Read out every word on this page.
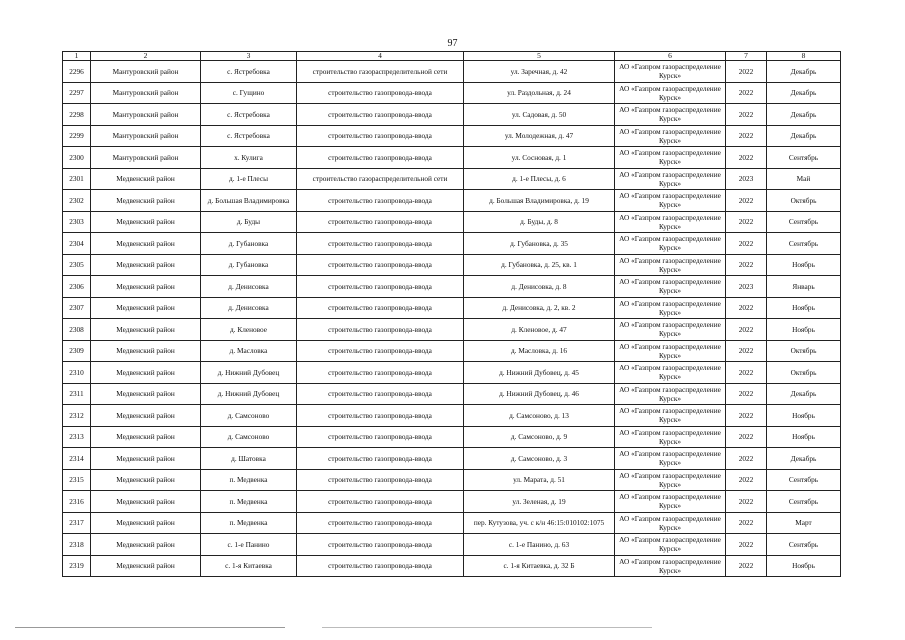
97
1	2	3	4	5	6	7	8
2296	Мантуровский район	с. Ястребовка	строительство газораспределительной сети	ул. Заречная, д. 42	АО «Газпром газораспределение Курск»	2022	Декабрь
2297	Мантуровский район	с. Гущино	строительство газопровода-ввода	ул. Раздольная, д. 24	АО «Газпром газораспределение Курск»	2022	Декабрь
2298	Мантуровский район	с. Ястребовка	строительство газопровода-ввода	ул. Садовая, д. 50	АО «Газпром газораспределение Курск»	2022	Декабрь
2299	Мантуровский район	с. Ястребовка	строительство газопровода-ввода	ул. Молодежная, д. 47	АО «Газпром газораспределение Курск»	2022	Декабрь
2300	Мантуровский район	х. Кулига	строительство газопровода-ввода	ул. Сосновая, д. 1	АО «Газпром газораспределение Курск»	2022	Сентябрь
2301	Медвенский район	д. 1-е Плесы	строительство газораспределительной сети	д. 1-е Плесы, д. 6	АО «Газпром газораспределение Курск»	2023	Май
2302	Медвенский район	д. Большая Владимировка	строительство газопровода-ввода	д. Большая Владимировка, д. 19	АО «Газпром газораспределение Курск»	2022	Октябрь
2303	Медвенский район	д. Буды	строительство газопровода-ввода	д. Буды, д. 8	АО «Газпром газораспределение Курск»	2022	Сентябрь
2304	Медвенский район	д. Губановка	строительство газопровода-ввода	д. Губановка, д. 35	АО «Газпром газораспределение Курск»	2022	Сентябрь
2305	Медвенский район	д. Губановка	строительство газопровода-ввода	д. Губановка, д. 25, кв. 1	АО «Газпром газораспределение Курск»	2022	Ноябрь
2306	Медвенский район	д. Денисовка	строительство газопровода-ввода	д. Денисовка, д. 8	АО «Газпром газораспределение Курск»	2023	Январь
2307	Медвенский район	д. Денисовка	строительство газопровода-ввода	д. Денисовка, д. 2, кв. 2	АО «Газпром газораспределение Курск»	2022	Ноябрь
2308	Медвенский район	д. Кленовое	строительство газопровода-ввода	д. Кленовое, д. 47	АО «Газпром газораспределение Курск»	2022	Ноябрь
2309	Медвенский район	д. Масловка	строительство газопровода-ввода	д. Масловка, д. 16	АО «Газпром газораспределение Курск»	2022	Октябрь
2310	Медвенский район	д. Нижний Дубовец	строительство газопровода-ввода	д. Нижний Дубовец, д. 45	АО «Газпром газораспределение Курск»	2022	Октябрь
2311	Медвенский район	д. Нижний Дубовец	строительство газопровода-ввода	д. Нижний Дубовец, д. 46	АО «Газпром газораспределение Курск»	2022	Декабрь
2312	Медвенский район	д. Самсоново	строительство газопровода-ввода	д. Самсоново, д. 13	АО «Газпром газораспределение Курск»	2022	Ноябрь
2313	Медвенский район	д. Самсоново	строительство газопровода-ввода	д. Самсоново, д. 9	АО «Газпром газораспределение Курск»	2022	Ноябрь
2314	Медвенский район	д. Шатовка	строительство газопровода-ввода	д. Самсоново, д. 3	АО «Газпром газораспределение Курск»	2022	Декабрь
2315	Медвенский район	п. Медвенка	строительство газопровода-ввода	ул. Марата, д. 51	АО «Газпром газораспределение Курск»	2022	Сентябрь
2316	Медвенский район	п. Медвенка	строительство газопровода-ввода	ул. Зеленая, д. 19	АО «Газпром газораспределение Курск»	2022	Сентябрь
2317	Медвенский район	п. Медвенка	строительство газопровода-ввода	пер. Кутузова, уч. с к/н 46:15:010102:1075	АО «Газпром газораспределение Курск»	2022	Март
2318	Медвенский район	с. 1-е Панино	строительство газопровода-ввода	с. 1-е Панино, д. 63	АО «Газпром газораспределение Курск»	2022	Сентябрь
2319	Медвенский район	с. 1-я Китаевка	строительство газопровода-ввода	с. 1-я Китаевка, д. 32 Б	АО «Газпром газораспределение Курск»	2022	Ноябрь
